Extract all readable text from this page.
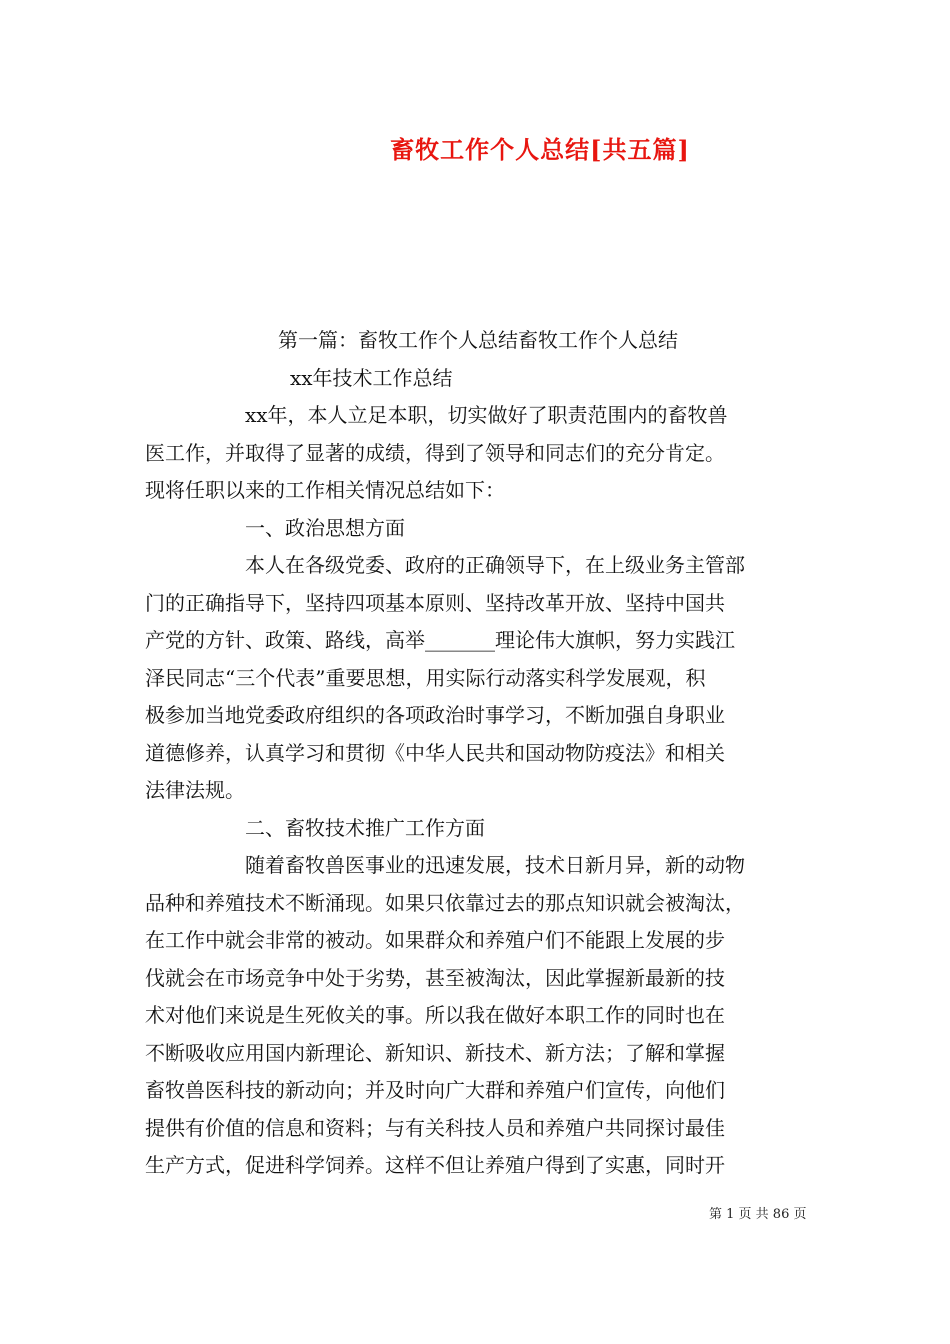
畜牧工作个人总结[共五篇]
第一篇：畜牧工作个人总结畜牧工作个人总结
xx年技术工作总结
xx年，本人立足本职，切实做好了职责范围内的畜牧兽
医工作，并取得了显著的成绩，得到了领导和同志们的充分肯定。
现将任职以来的工作相关情况总结如下：
一、政治思想方面
本人在各级党委、政府的正确领导下，在上级业务主管部
门的正确指导下，坚持四项基本原则、坚持改革开放、坚持中国共
产党的方针、政策、路线，高举_______理论伟大旗帜，努力实践江
泽民同志“三个代表”重要思想，用实际行动落实科学发展观，积
极参加当地党委政府组织的各项政治时事学习，不断加强自身职业
道德修养，认真学习和贯彻《中华人民共和国动物防疫法》和相关
法律法规。
二、畜牧技术推广工作方面
随着畜牧兽医事业的迅速发展，技术日新月异，新的动物
品种和养殖技术不断涌现。如果只依靠过去的那点知识就会被淘汰，
在工作中就会非常的被动。如果群众和养殖户们不能跟上发展的步
伐就会在市场竞争中处于劣势，甚至被淘汰，因此掌握新最新的技
术对他们来说是生死攸关的事。所以我在做好本职工作的同时也在
不断吸收应用国内新理论、新知识、新技术、新方法；了解和掌握
畜牧兽医科技的新动向；并及时向广大群和养殖户们宣传，向他们
提供有价值的信息和资料；与有关科技人员和养殖户共同探讨最佳
生产方式，促进科学饲养。这样不但让养殖户得到了实惠，同时开
第 1 页 共 86 页
